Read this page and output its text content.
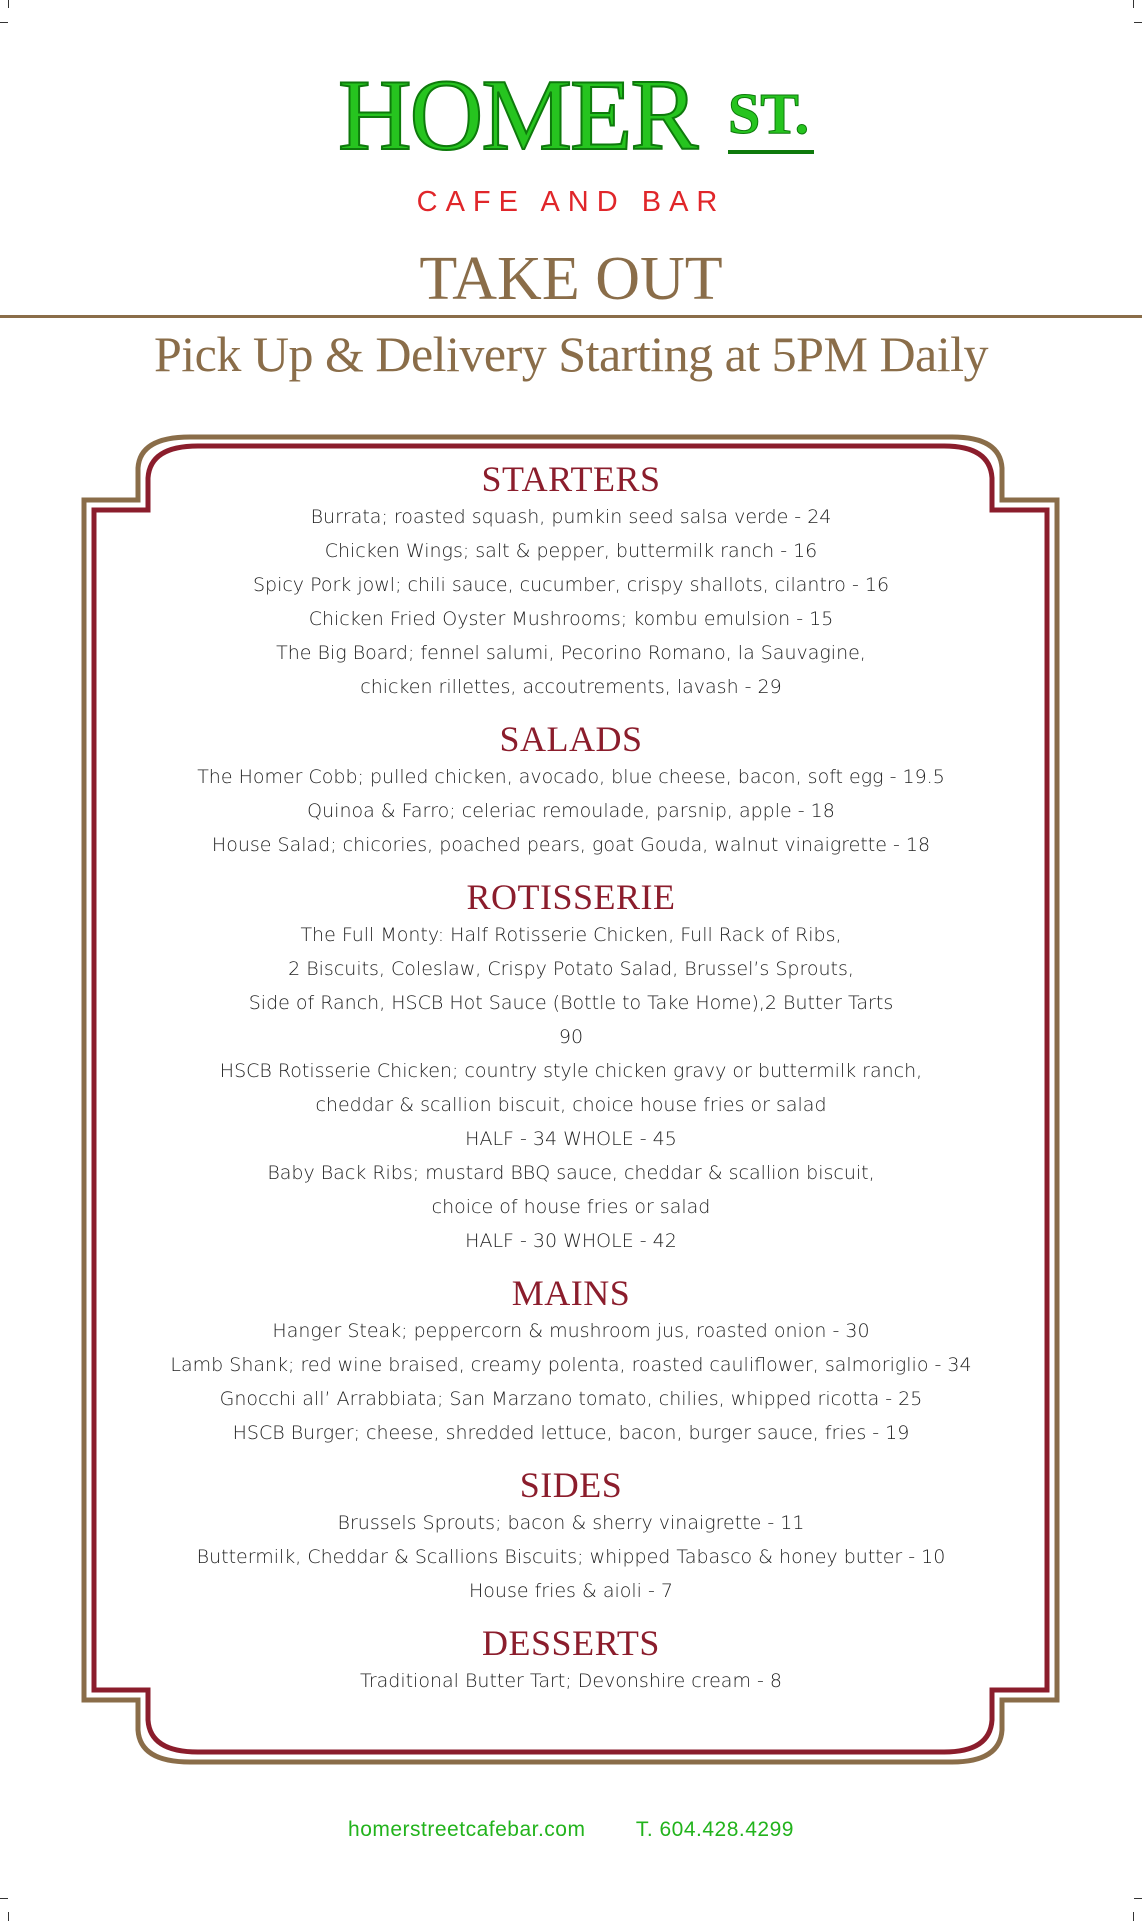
HOMER ST.
CAFE AND BAR
TAKE OUT
Pick Up & Delivery Starting at 5PM Daily
STARTERS
Burrata; roasted squash, pumkin seed salsa verde - 24
Chicken Wings; salt & pepper, buttermilk ranch - 16
Spicy Pork jowl; chili sauce, cucumber, crispy shallots, cilantro - 16
Chicken Fried Oyster Mushrooms; kombu emulsion - 15
The Big Board; fennel salumi, Pecorino Romano, la Sauvagine,
chicken rillettes, accoutrements, lavash - 29
SALADS
The Homer Cobb; pulled chicken, avocado, blue cheese, bacon, soft egg - 19.5
Quinoa & Farro; celeriac remoulade, parsnip, apple - 18
House Salad; chicories, poached pears, goat Gouda, walnut vinaigrette - 18
ROTISSERIE
The Full Monty: Half Rotisserie Chicken, Full Rack of Ribs,
2 Biscuits, Coleslaw, Crispy Potato Salad, Brussel’s Sprouts,
Side of Ranch, HSCB Hot Sauce (Bottle to Take Home),2 Butter Tarts
90
HSCB Rotisserie Chicken; country style chicken gravy or buttermilk ranch,
cheddar & scallion biscuit, choice house fries or salad
HALF - 34 WHOLE - 45
Baby Back Ribs; mustard BBQ sauce, cheddar & scallion biscuit,
choice of house fries or salad
HALF - 30 WHOLE - 42
MAINS
Hanger Steak; peppercorn & mushroom jus, roasted onion - 30
Lamb Shank; red wine braised, creamy polenta, roasted cauliflower, salmoriglio - 34
Gnocchi all’ Arrabbiata; San Marzano tomato, chilies, whipped ricotta - 25
HSCB Burger; cheese, shredded lettuce, bacon, burger sauce, fries - 19
SIDES
Brussels Sprouts; bacon & sherry vinaigrette - 11
Buttermilk, Cheddar & Scallions Biscuits; whipped Tabasco & honey butter - 10
House fries & aioli - 7
DESSERTS
Traditional Butter Tart; Devonshire cream - 8
homerstreetcafebar.com T. 604.428.4299
